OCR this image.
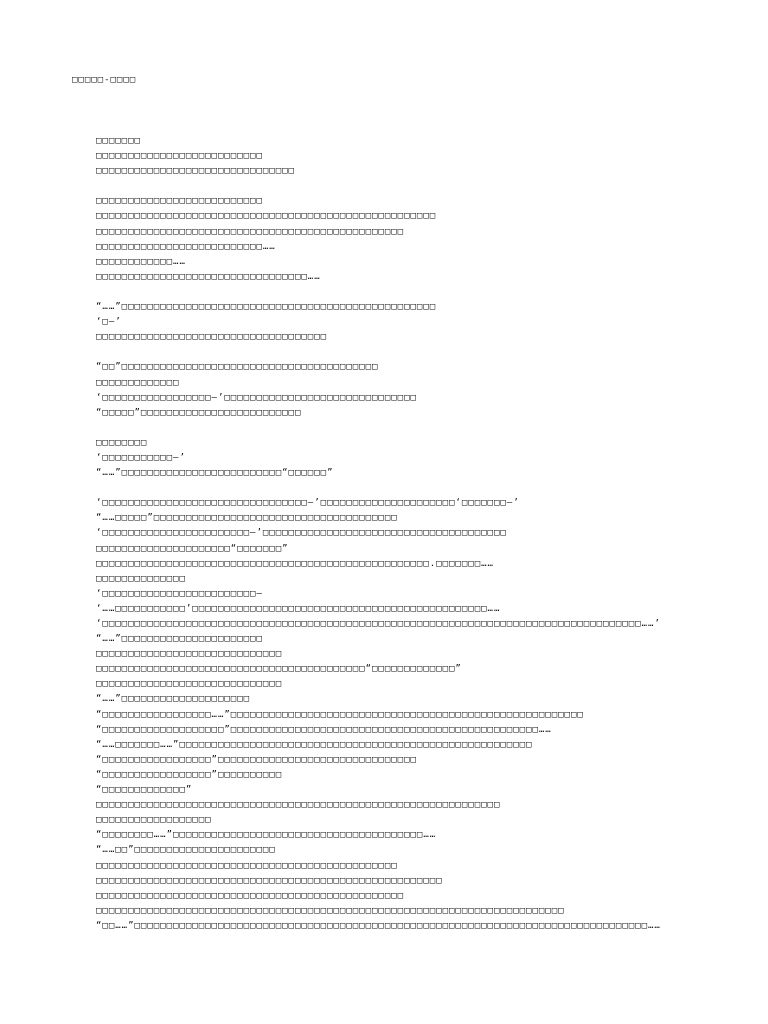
□□□□□-□□□□
□□□□□□□
□□□□□□□□□□□□□□□□□□□□□□□□□□
□□□□□□□□□□□□□□□□□□□□□□□□□□□□□□□
□□□□□□□□□□□□□□□□□□□□□□□□□□
□□□□□□□□□□□□□□□□□□□□□□□□□□□□□□□□□□□□□□□□□□□□□□□□□□□□□
□□□□□□□□□□□□□□□□□□□□□□□□□□□□□□□□□□□□□□□□□□□□□□□□
□□□□□□□□□□□□□□□□□□□□□□□□□□……
□□□□□□□□□□□□……
□□□□□□□□□□□□□□□□□□□□□□□□□□□□□□□□□……
“……”□□□□□□□□□□□□□□□□□□□□□□□□□□□□□□□□□□□□□□□□□□□□□□□□□
‘□—’
□□□□□□□□□□□□□□□□□□□□□□□□□□□□□□□□□□□□
“□□”□□□□□□□□□□□□□□□□□□□□□□□□□□□□□□□□□□□□□□□□
□□□□□□□□□□□□□
‘□□□□□□□□□□□□□□□□□—’□□□□□□□□□□□□□□□□□□□□□□□□□□□□□□
“□□□□□”□□□□□□□□□□□□□□□□□□□□□□□□□
□□□□□□□□
‘□□□□□□□□□□□—’
“……”□□□□□□□□□□□□□□□□□□□□□□□□□“□□□□□□”
‘□□□□□□□□□□□□□□□□□□□□□□□□□□□□□□□□—’□□□□□□□□□□□□□□□□□□□□□‘□□□□□□□—’
“……□□□□□”□□□□□□□□□□□□□□□□□□□□□□□□□□□□□□□□□□□□□□
‘□□□□□□□□□□□□□□□□□□□□□□□—’□□□□□□□□□□□□□□□□□□□□□□□□□□□□□□□□□□□□□□
□□□□□□□□□□□□□□□□□□□□□“□□□□□□□”
□□□□□□□□□□□□□□□□□□□□□□□□□□□□□□□□□□□□□□□□□□□□□□□□□□□□.□□□□□□□……
□□□□□□□□□□□□□□
‘□□□□□□□□□□□□□□□□□□□□□□□□—
‘……□□□□□□□□□□□’□□□□□□□□□□□□□□□□□□□□□□□□□□□□□□□□□□□□□□□□□□□□□□……
‘□□□□□□□□□□□□□□□□□□□□□□□□□□□□□□□□□□□□□□□□□□□□□□□□□□□□□□□□□□□□□□□□□□□□□□□□□□□□□□□□□□□□……’
“……”□□□□□□□□□□□□□□□□□□□□□□
□□□□□□□□□□□□□□□□□□□□□□□□□□□□□
□□□□□□□□□□□□□□□□□□□□□□□□□□□□□□□□□□□□□□□□□□“□□□□□□□□□□□□□”
□□□□□□□□□□□□□□□□□□□□□□□□□□□□□
“……”□□□□□□□□□□□□□□□□□□□□
“□□□□□□□□□□□□□□□□□……”□□□□□□□□□□□□□□□□□□□□□□□□□□□□□□□□□□□□□□□□□□□□□□□□□□□□□□□
“□□□□□□□□□□□□□□□□□□□”□□□□□□□□□□□□□□□□□□□□□□□□□□□□□□□□□□□□□□□□□□□□□□□□……
“……□□□□□□□……”□□□□□□□□□□□□□□□□□□□□□□□□□□□□□□□□□□□□□□□□□□□□□□□□□□□□□□□
“□□□□□□□□□□□□□□□□□”□□□□□□□□□□□□□□□□□□□□□□□□□□□□□□□
“□□□□□□□□□□□□□□□□□”□□□□□□□□□□
“□□□□□□□□□□□□□”
□□□□□□□□□□□□□□□□□□□□□□□□□□□□□□□□□□□□□□□□□□□□□□□□□□□□□□□□□□□□□□□
□□□□□□□□□□□□□□□□□□
“□□□□□□□□……”□□□□□□□□□□□□□□□□□□□□□□□□□□□□□□□□□□□□□□□……
“……□□”□□□□□□□□□□□□□□□□□□□□□□
□□□□□□□□□□□□□□□□□□□□□□□□□□□□□□□□□□□□□□□□□□□□□□□
□□□□□□□□□□□□□□□□□□□□□□□□□□□□□□□□□□□□□□□□□□□□□□□□□□□□□□
□□□□□□□□□□□□□□□□□□□□□□□□□□□□□□□□□□□□□□□□□□□□□□□□
□□□□□□□□□□□□□□□□□□□□□□□□□□□□□□□□□□□□□□□□□□□□□□□□□□□□□□□□□□□□□□□□□□□□□□□□□
“□□……”□□□□□□□□□□□□□□□□□□□□□□□□□□□□□□□□□□□□□□□□□□□□□□□□□□□□□□□□□□□□□□□□□□□□□□□□□□□□□□□□……
